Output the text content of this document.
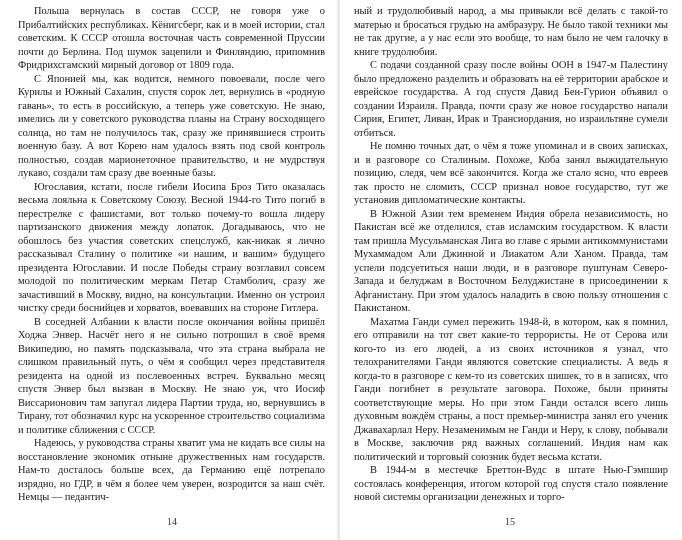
Польша вернулась в состав СССР, не говоря уже о Прибалтийских республиках. Кёнигсберг, как и в моей истории, стал советским. К СССР отошла восточная часть современной Пруссии почти до Берлина. Под шумок зацепили и Финляндию, припомнив Фридрихсгамский мирный договор от 1809 года.

С Японией мы, как водится, немного повоевали, после чего Курилы и Южный Сахалин, спустя сорок лет, вернулись в «родную гавань», то есть в российскую, а теперь уже советскую. Не знаю, имелись ли у советского руководства планы на Страну восходящего солнца, но там не получилось так, сразу же принявшиеся строить военную базу. А вот Корею нам удалось взять под свой контроль полностью, создав марионеточное правительство, и не мудрствуя лукаво, создали там сразу две военные базы.

Югославия, кстати, после гибели Иосипа Броз Тито оказалась весьма лояльна к Советскому Союзу. Весной 1944-го Тито погиб в перестрелке с фашистами, вот только почему-то вошла лидеру партизанского движения между лопаток. Догадываюсь, что не обошлось без участия советских спецслужб, как-никак я лично рассказывал Сталину о политике «и нашим, и вашим» будущего президента Югославии. И после Победы страну возглавил совсем молодой по политическим меркам Петар Стамболич, сразу же зачастивший в Москву, видно, на консультации. Именно он устроил чистку среди боснийцев и хорватов, воевавших на стороне Гитлера.

В соседней Албании к власти после окончания войны пришёл Ходжа Энвер. Насчёт него я не сильно потрошил в своё время Википедию, но память подсказывала, что эта страна выбрала не слишком правильный путь, о чём я сообщил через представителя резидента на одной из послевоенных встреч. Буквально месяц спустя Энвер был вызван в Москву. Не знаю уж, что Иосиф Виссарионович там запугал лидера Партии труда, но, вернувшись в Тирану, тот обозначил курс на ускоренное строительство социализма и политике сближения с СССР.

Надеюсь, у руководства страны хватит ума не кидать все силы на восстановление экономик отныне дружественных нам государств. Нам-то досталось больше всех, да Германию ещё потрепало изрядно, но ГДР, в чём я более чем уверен, возродится за наш счёт. Немцы — педантич-

14

ный и трудолюбивый народ, а мы привыкли всё делать с такой-то матерью и бросаться грудью на амбразуру. Не было такой техники мы не так другие, а у нас если это вообще, то нам было не чем галочку в книге трудолюбия.

С подачи созданной сразу после войны ООН в 1947-м Палестину было предложено разделить и образовать на её территории арабское и еврейское государства. А год спустя Давид Бен-Гурион объявил о создании Израиля. Правда, почти сразу же новое государство напали Сирия, Египет, Ливан, Ирак и Трансиордания, но израильтяне сумели отбиться.

Не помню точных дат, о чём я тоже упоминал и в своих записках, и в разговоре со Сталиным. Похоже, Коба занял выжидательную позицию, следя, чем всё закончится. Когда же стало ясно, что евреев так просто не сломить, СССР признал новое государство, тут же установив дипломатические контакты.

В Южной Азии тем временем Индия обрела независимость, но Пакистан всё же отделился, став исламским государством. К власти там пришла Мусульманская Лига во главе с ярыми антикоммунистами Мухаммадом Али Джинной и Лиакатом Али Ханом. Правда, там успели подсуетиться наши люди, и в разговоре пуштунам Северо-Запада и белуджам в Восточном Белуджистане в присоединении к Афганистану. При этом удалось наладить в свою пользу отношения с Пакистаном.

Махатма Ганди сумел пережить 1948-й, в котором, как я помнил, его отправили на тот свет какие-то террористы. Не от Серова или кого-то из его людей, а из своих источников я узнал, что телохранителями Ганди являются советские специалисты. А ведь я когда-то в разговоре с кем-то из советских шишек, то в в записях, что Ганди погибнет в результате заговора. Похоже, были приняты соответствующие меры. Но при этом Ганди остался всего лишь духовным вождём страны, а пост премьер-министра занял его ученик Джавахарлал Неру. Незаменимым не Ганди и Неру, к слову, побывали в Москве, заключив ряд важных соглашений. Индия нам как политический и торговый союзник будет весьма кстати.

В 1944-м в местечке Бреттон-Вудс в штате Нью-Гэмпшир состоялась конференция, итогом которой год спустя стало появление новой системы организации денежных и торго-

15
